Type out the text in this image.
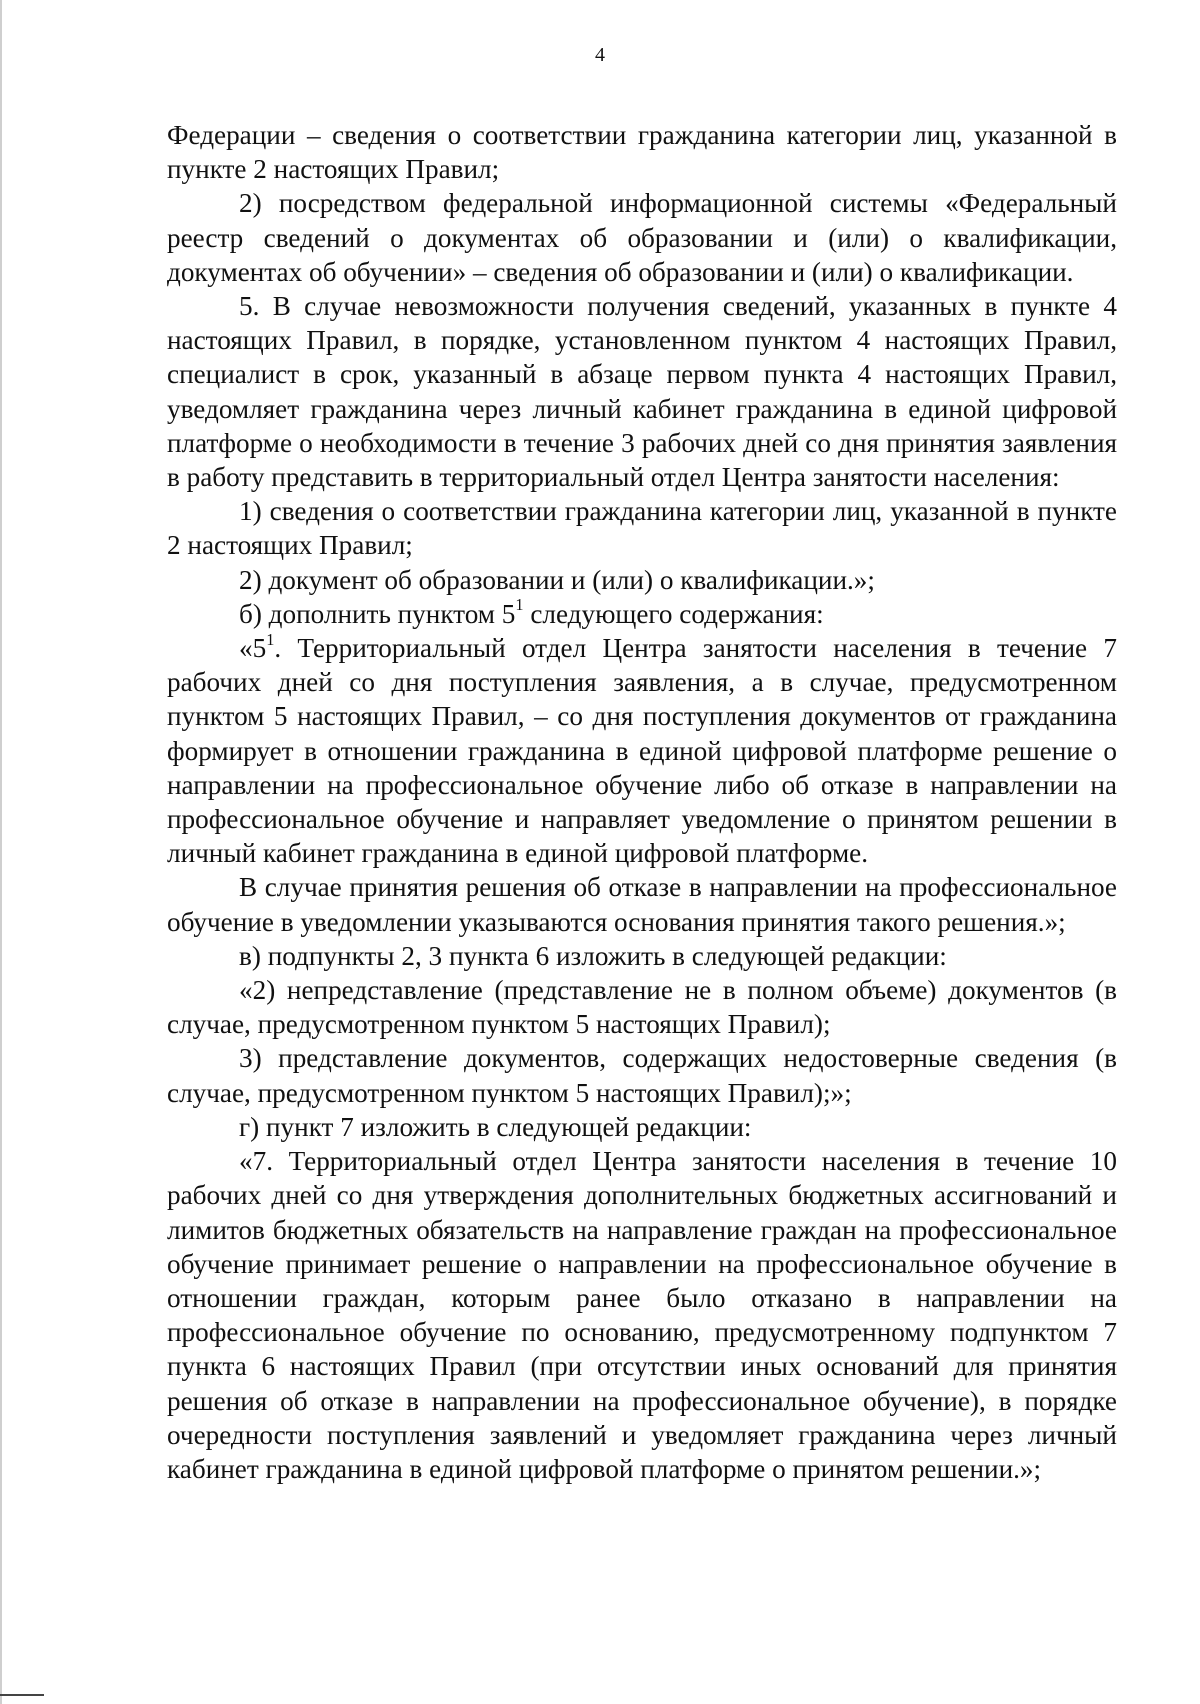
4

Федерации – сведения о соответствии гражданина категории лиц, указанной в пункте 2 настоящих Правил;

2) посредством федеральной информационной системы «Федеральный реестр сведений о документах об образовании и (или) о квалификации, документах об обучении» – сведения об образовании и (или) о квалификации.

5. В случае невозможности получения сведений, указанных в пункте 4 настоящих Правил, в порядке, установленном пунктом 4 настоящих Правил, специалист в срок, указанный в абзаце первом пункта 4 настоящих Правил, уведомляет гражданина через личный кабинет гражданина в единой цифровой платформе о необходимости в течение 3 рабочих дней со дня принятия заявления в работу представить в территориальный отдел Центра занятости населения:

1) сведения о соответствии гражданина категории лиц, указанной в пункте 2 настоящих Правил;

2) документ об образовании и (или) о квалификации.»;

б) дополнить пунктом $5^1$ следующего содержания:

«$5^1$. Территориальный отдел Центра занятости населения в течение 7 рабочих дней со дня поступления заявления, а в случае, предусмотренном пунктом 5 настоящих Правил, – со дня поступления документов от гражданина формирует в отношении гражданина в единой цифровой платформе решение о направлении на профессиональное обучение либо об отказе в направлении на профессиональное обучение и направляет уведомление о принятом решении в личный кабинет гражданина в единой цифровой платформе.

В случае принятия решения об отказе в направлении на профессиональное обучение в уведомлении указываются основания принятия такого решения.»;

в) подпункты 2, 3 пункта 6 изложить в следующей редакции:

«2) непредставление (представление не в полном объеме) документов (в случае, предусмотренном пунктом 5 настоящих Правил);

3) представление документов, содержащих недостоверные сведения (в случае, предусмотренном пунктом 5 настоящих Правил);»;

г) пункт 7 изложить в следующей редакции:

«7. Территориальный отдел Центра занятости населения в течение 10 рабочих дней со дня утверждения дополнительных бюджетных ассигнований и лимитов бюджетных обязательств на направление граждан на профессиональное обучение принимает решение о направлении на профессиональное обучение в отношении граждан, которым ранее было отказано в направлении на профессиональное обучение по основанию, предусмотренному подпунктом 7 пункта 6 настоящих Правил (при отсутствии иных оснований для принятия решения об отказе в направлении на профессиональное обучение), в порядке очередности поступления заявлений и уведомляет гражданина через личный кабинет гражданина в единой цифровой платформе о принятом решении.»;
